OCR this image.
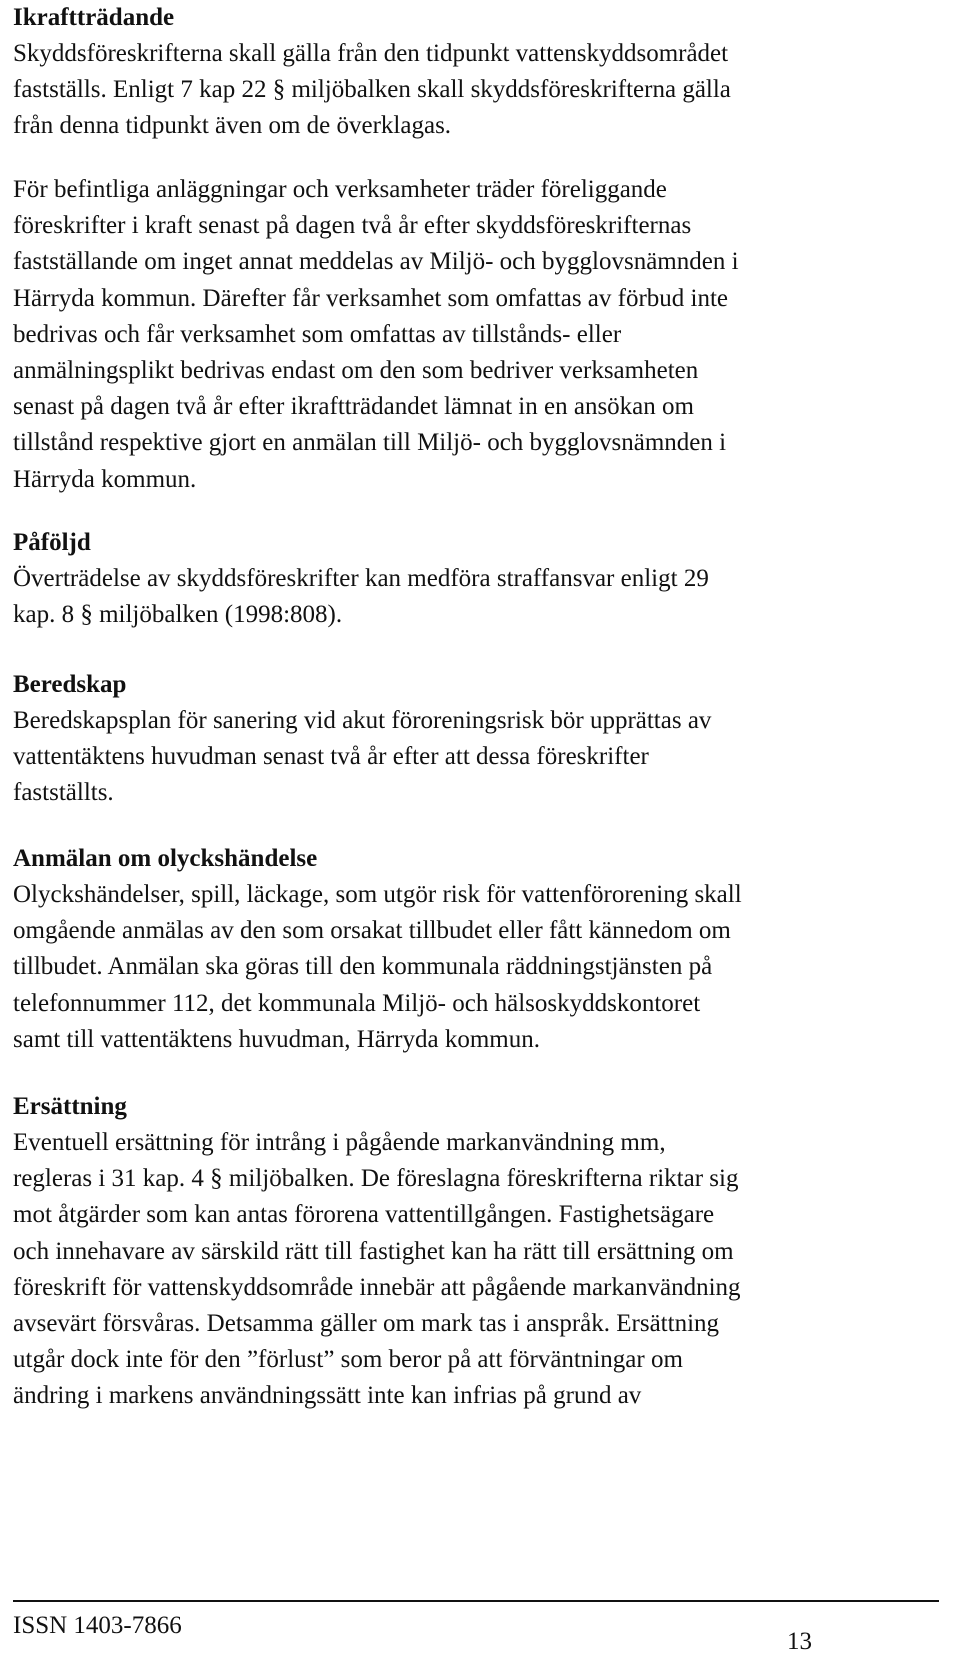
Ikraftträdande

Skyddsföreskrifterna skall gälla från den tidpunkt vattenskyddsområdet
fastställs. Enligt 7 kap 22 § miljöbalken skall skyddsföreskrifterna gälla
från denna tidpunkt även om de överklagas.

För befintliga anläggningar och verksamheter träder föreliggande
föreskrifter i kraft senast på dagen två år efter skyddsföreskrifternas
fastställande om inget annat meddelas av Miljö- och bygglovsnämnden i
Härryda kommun. Därefter får verksamhet som omfattas av förbud inte
bedrivas och får verksamhet som omfattas av tillstånds- eller
anmälningsplikt bedrivas endast om den som bedriver verksamheten
senast på dagen två år efter ikraftträdandet lämnat in en ansökan om
tillstånd respektive gjort en anmälan till Miljö- och bygglovsnämnden i
Härryda kommun.

Påföljd

Överträdelse av skyddsföreskrifter kan medföra straffansvar enligt 29
kap. 8 § miljöbalken (1998:808).

Beredskap

Beredskapsplan för sanering vid akut föroreningsrisk bör upprättas av
vattentäktens huvudman senast två år efter att dessa föreskrifter
fastställts.

Anmälan om olyckshändelse

Olyckshändelser, spill, läckage, som utgör risk för vattenförorening skall
omgående anmälas av den som orsakat tillbudet eller fått kännedom om
tillbudet. Anmälan ska göras till den kommunala räddningstjänsten på
telefonnummer 112, det kommunala Miljö- och hälsoskyddskontoret
samt till vattentäktens huvudman, Härryda kommun.

Ersättning

Eventuell ersättning för intrång i pågående markanvändning mm,
regleras i 31 kap. 4 § miljöbalken. De föreslagna föreskrifterna riktar sig
mot åtgärder som kan antas förorena vattentillgången. Fastighetsägare
och innehavare av särskild rätt till fastighet kan ha rätt till ersättning om
föreskrift för vattenskyddsområde innebär att pågående markanvändning
avsevärt försvåras. Detsamma gäller om mark tas i anspråk. Ersättning
utgår dock inte för den ”förlust” som beror på att förväntningar om
ändring i markens användningssätt inte kan infrias på grund av

ISSN 1403-7866
13
